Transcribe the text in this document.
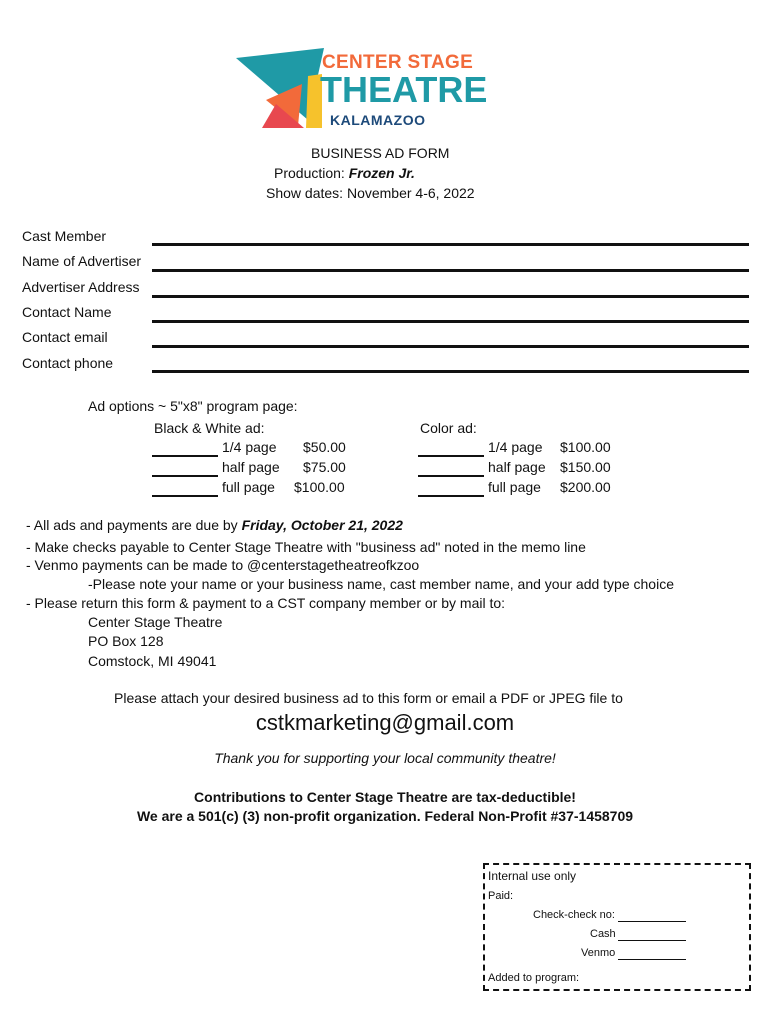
CENTER STAGE
THEATRE
KALAMAZOO
BUSINESS AD FORM
Production: Frozen Jr.
Show dates: November 4-6, 2022
Cast Member
Name of Advertiser
Advertiser Address
Contact Name
Contact email
Contact phone
Ad options ~ 5"x8" program page:
Black & White ad:	Color ad:
1/4 page $50.00
half page $75.00
full page $100.00
1/4 page $100.00
half page $150.00
full page $200.00
- All ads and payments are due by Friday, October 21, 2022
- Make checks payable to Center Stage Theatre with "business ad" noted in the memo line
- Venmo payments can be made to @centerstagetheatreofkzoo
-Please note your name or your business name, cast member name, and your add type choice
- Please return this form & payment to a CST company member or by mail to:
Center Stage Theatre
PO Box 128
Comstock, MI 49041
Please attach your desired business ad to this form or email a PDF or JPEG file to
cstkmarketing@gmail.com
Thank you for supporting your local community theatre!
Contributions to Center Stage Theatre are tax-deductible!
We are a 501(c) (3) non-profit organization. Federal Non-Profit #37-1458709
Internal use only
Paid:
Check-check no:
Cash
Venmo
Added to program:
